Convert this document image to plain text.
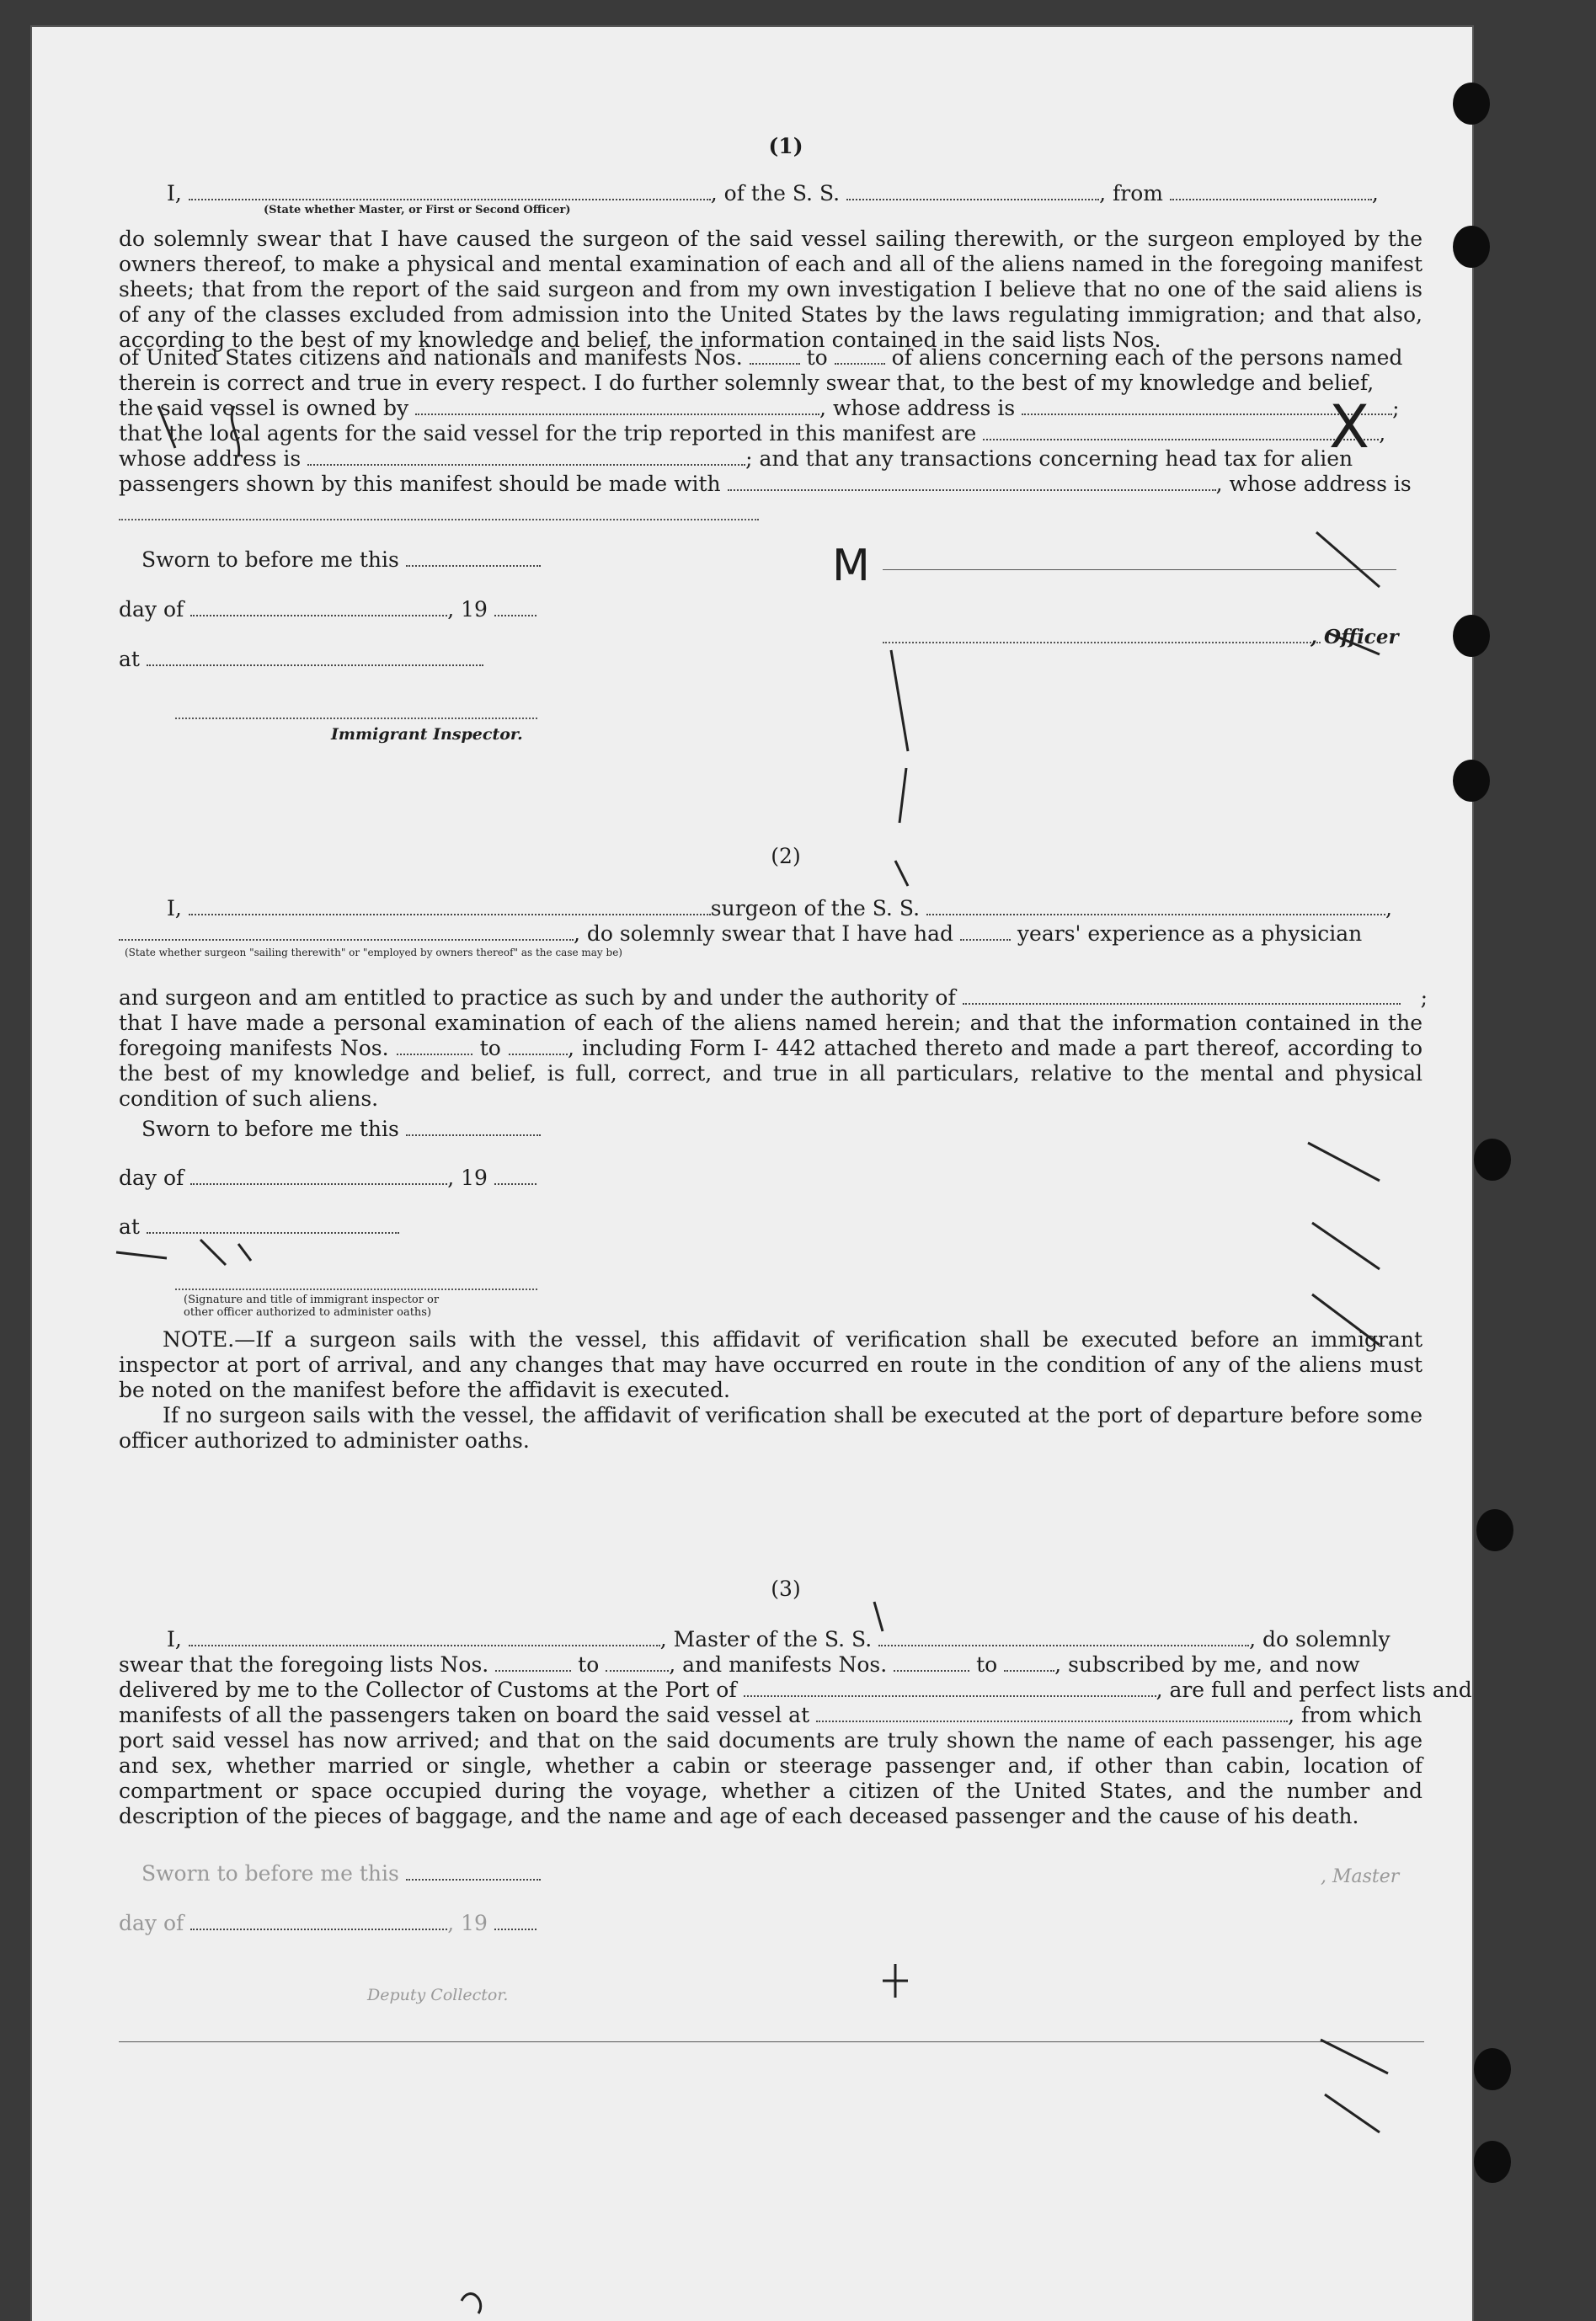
(1)
I,	, of the S. S.	, from	,
(State whether Master, or First or Second Officer)
do solemnly swear that I have caused the surgeon of the said vessel sailing therewith, or the surgeon employed by the owners thereof, to make a physical and mental examination of each and all of the aliens named in the foregoing manifest sheets; that from the report of the said surgeon and from my own investigation I believe that no one of the said aliens is of any of the classes excluded from admission into the United States by the laws regulating immigration; and that also, according to the best of my knowledge and belief, the information contained in the said lists Nos.
of United States citizens and nationals and manifests Nos.	to	of aliens concerning each of the persons named
therein is correct and true in every respect. I do further solemnly swear that, to the best of my knowledge and belief,
the said vessel is owned by	, whose address is	;
that the local agents for the said vessel for the trip reported in this manifest are	,
whose address is	; and that any transactions concerning head tax for alien
passengers shown by this manifest should be made with	, whose address is
Sworn to before me this
day of	, 19
at
Immigrant Inspector.
, Officer
(2)
I,	surgeon of the S. S.	,
, do solemnly swear that I have had	years' experience as a physician
(State whether surgeon "sailing therewith" or "employed by owners thereof" as the case may be)
and surgeon and am entitled to practice as such by and under the authority of	;
that I have made a personal examination of each of the aliens named herein; and that the information contained in the foregoing manifests Nos.	to	, including Form I- 442 attached thereto and made a part thereof, according to the best of my knowledge and belief, is full, correct, and true in all particulars, relative to the mental and physical condition of such aliens.
Sworn to before me this
day of	, 19
at
(Signature and title of immigrant inspector or
other officer authorized to administer oaths)
NOTE.—If a surgeon sails with the vessel, this affidavit of verification shall be executed before an immigrant inspector at port of arrival, and any changes that may have occurred en route in the condition of any of the aliens must be noted on the manifest before the affidavit is executed.
If no surgeon sails with the vessel, the affidavit of verification shall be executed at the port of departure before some officer authorized to administer oaths.
(3)
I,	, Master of the S. S.	, do solemnly
swear that the foregoing lists Nos.	to	, and manifests Nos.	to	, subscribed by me, and now
delivered by me to the Collector of Customs at the Port of	, are full and perfect lists and
manifests of all the passengers taken on board the said vessel at	, from which
port said vessel has now arrived; and that on the said documents are truly shown the name of each passenger, his age and sex, whether married or single, whether a cabin or steerage passenger and, if other than cabin, location of compartment or space occupied during the voyage, whether a citizen of the United States, and the number and description of the pieces of baggage, and the name and age of each deceased passenger and the cause of his death.
Sworn to before me this	, Master
day of	, 19
Deputy Collector.
M
X
